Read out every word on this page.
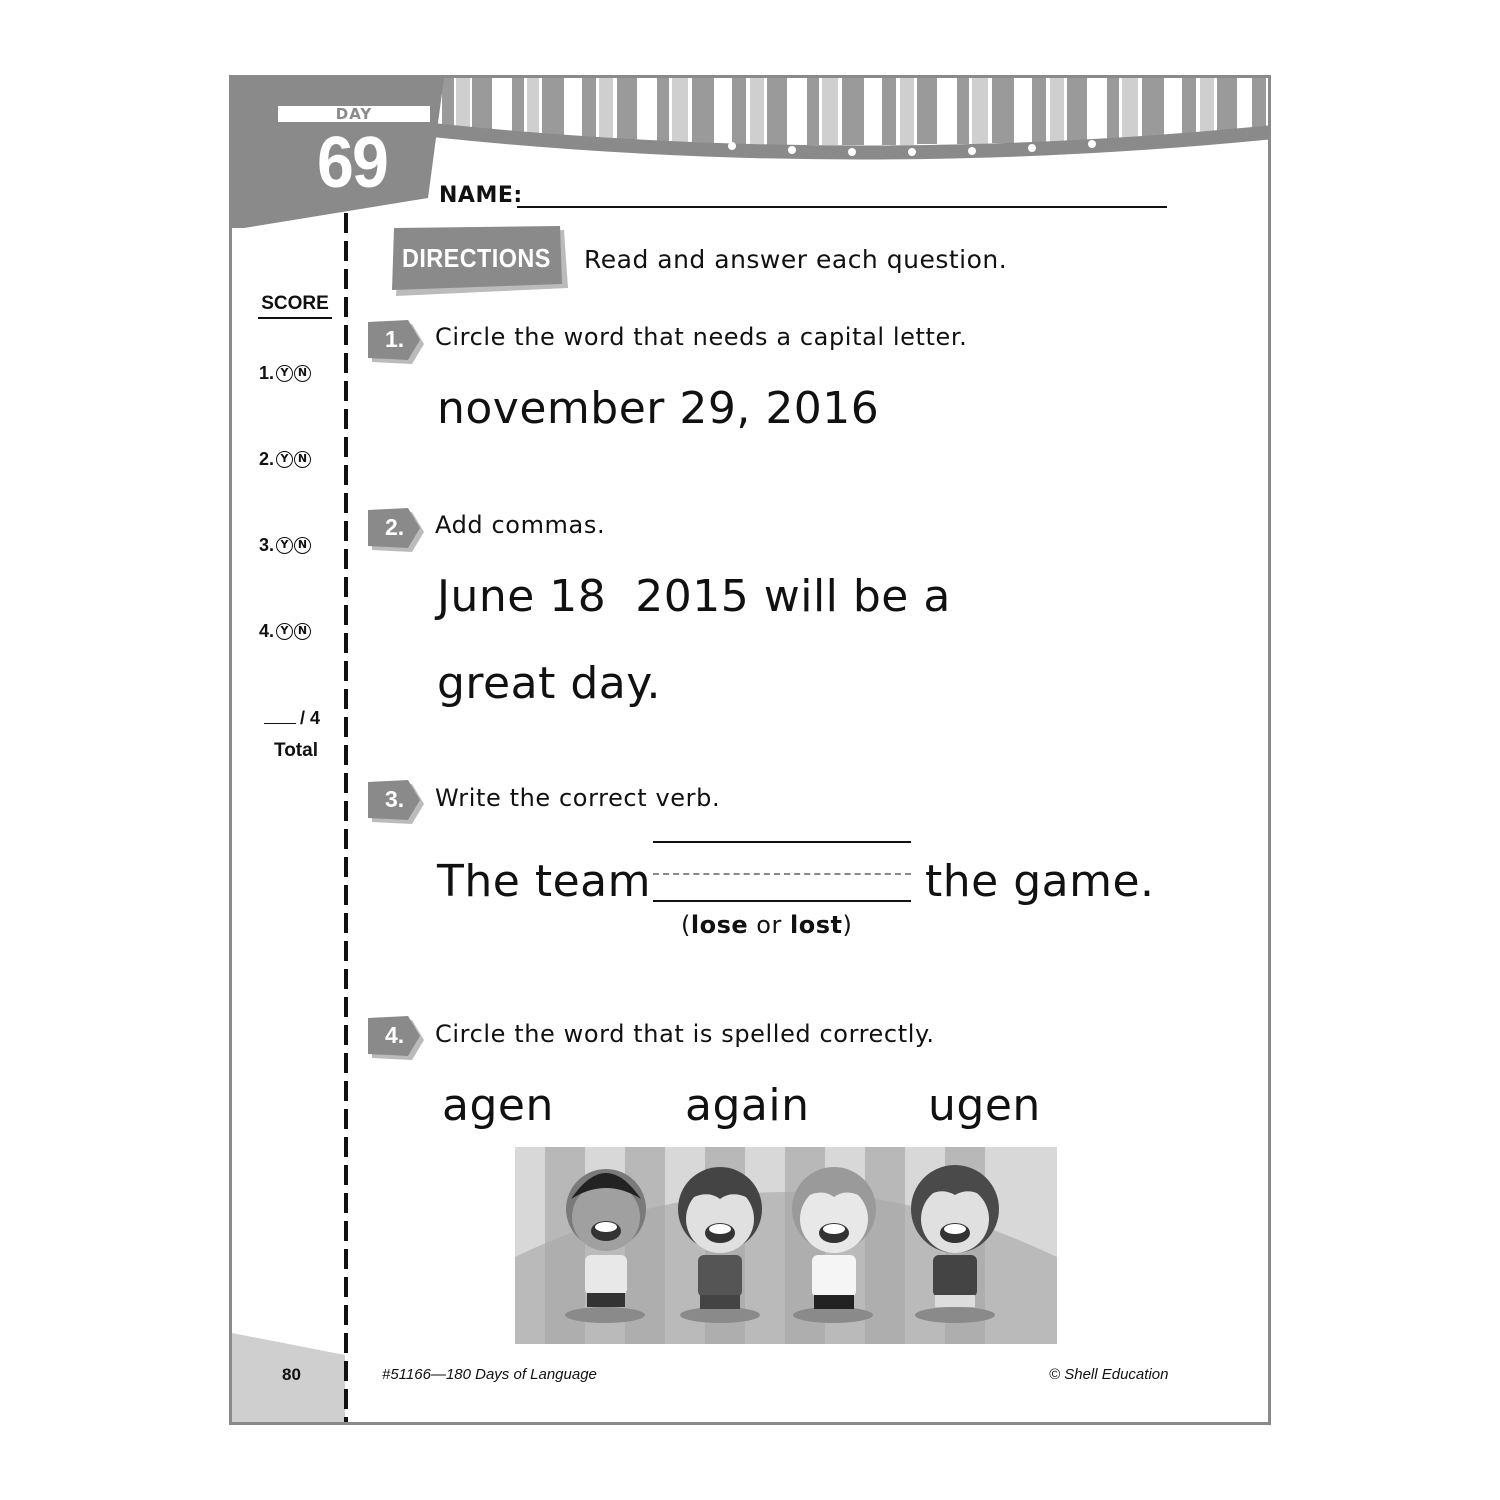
DAY
69
SCORE
1. Y N
2. Y N
3. Y N
4. Y N
/ 4
Total
NAME:
DIRECTIONS Read and answer each question.
1. Circle the word that needs a capital letter.
november 29, 2016
2. Add commas.
June 18  2015 will be a
great day.
3. Write the correct verb.
The team	the game.
(lose or lost)
4. Circle the word that is spelled correctly.
agen	again	ugen
80	#51166—180 Days of Language	© Shell Education
